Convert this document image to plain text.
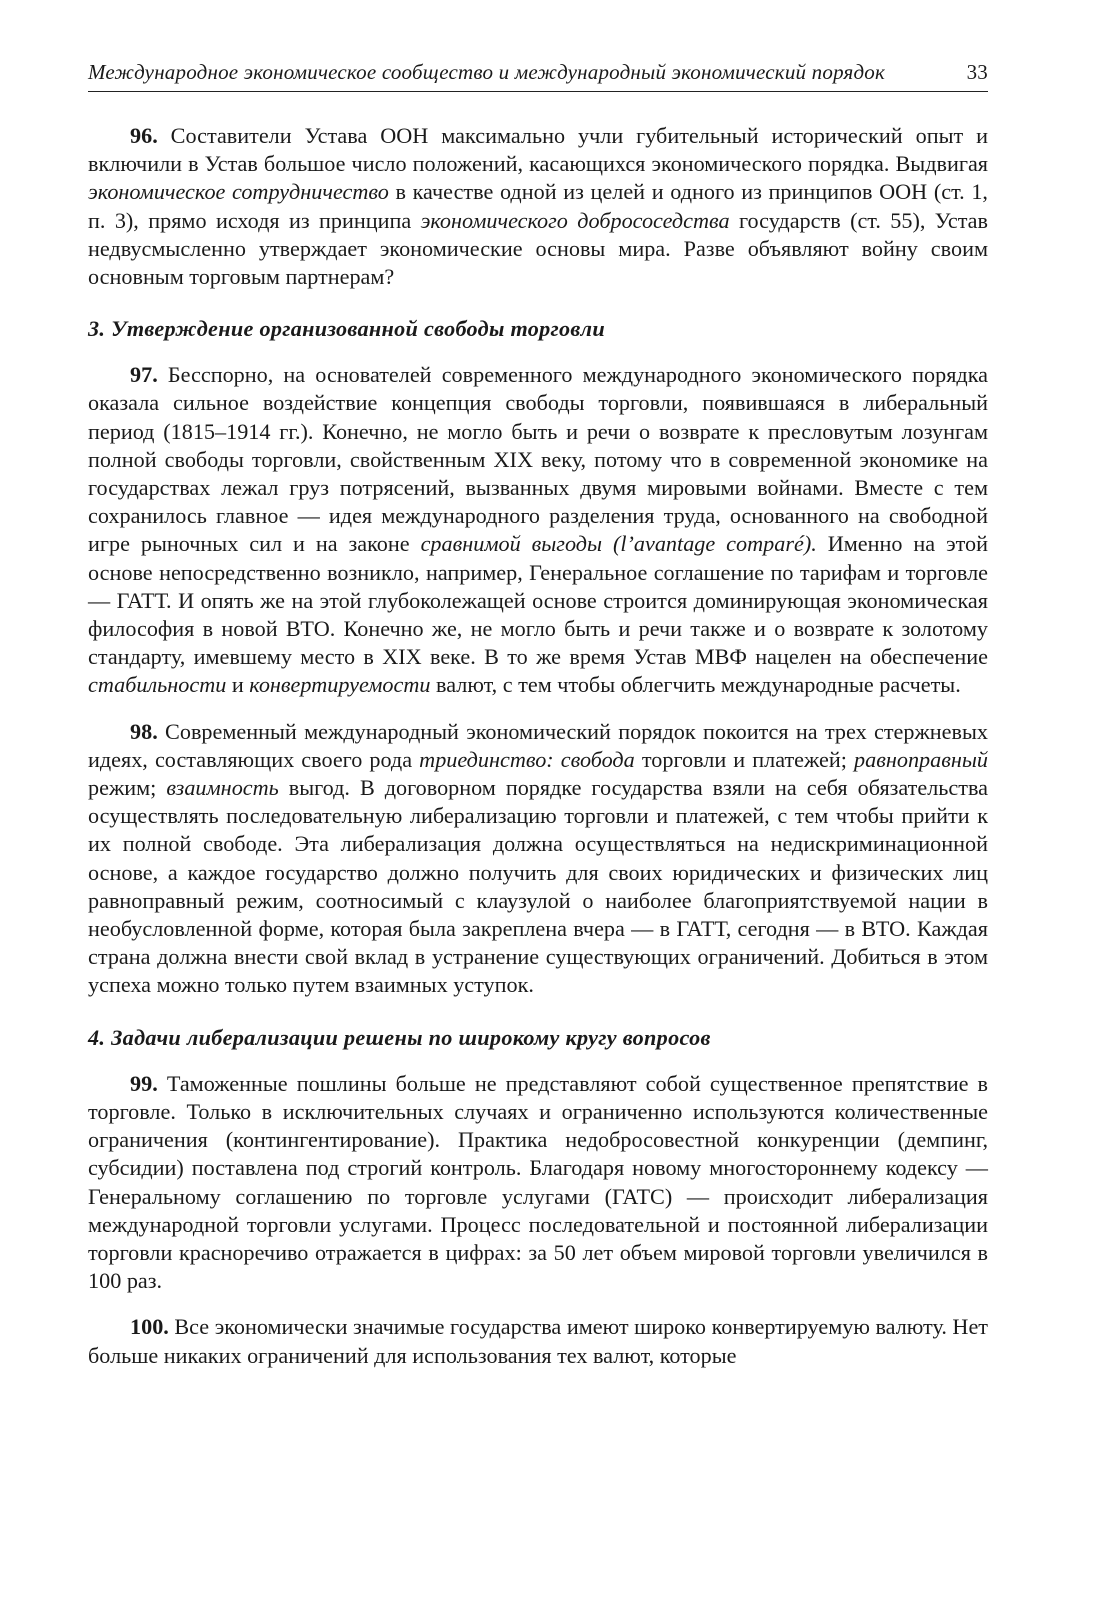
Международное экономическое сообщество и международный экономический порядок	33

96. Составители Устава ООН максимально учли губительный исторический опыт и включили в Устав большое число положений, касающихся экономического порядка. Выдвигая экономическое сотрудничество в качестве одной из целей и одного из принципов ООН (ст. 1, п. 3), прямо исходя из принципа экономического добрососедства государств (ст. 55), Устав недвусмысленно утверждает экономические основы мира. Разве объявляют войну своим основным торговым партнерам?

3. Утверждение организованной свободы торговли

97. Бесспорно, на основателей современного международного экономического порядка оказала сильное воздействие концепция свободы торговли, появившаяся в либеральный период (1815–1914 гг.). Конечно, не могло быть и речи о возврате к пресловутым лозунгам полной свободы торговли, свойственным XIX веку, потому что в современной экономике на государствах лежал груз потрясений, вызванных двумя мировыми войнами. Вместе с тем сохранилось главное — идея международного разделения труда, основанного на свободной игре рыночных сил и на законе сравнимой выгоды (l’avantage comparé). Именно на этой основе непосредственно возникло, например, Генеральное соглашение по тарифам и торговле — ГАТТ. И опять же на этой глубоколежащей основе строится доминирующая экономическая философия в новой ВТО. Конечно же, не могло быть и речи также и о возврате к золотому стандарту, имевшему место в XIX веке. В то же время Устав МВФ нацелен на обеспечение стабильности и конвертируемости валют, с тем чтобы облегчить международные расчеты.

98. Современный международный экономический порядок покоится на трех стержневых идеях, составляющих своего рода триединство: свобода торговли и платежей; равноправный режим; взаимность выгод. В договорном порядке государства взяли на себя обязательства осуществлять последовательную либерализацию торговли и платежей, с тем чтобы прийти к их полной свободе. Эта либерализация должна осуществляться на недискриминационной основе, а каждое государство должно получить для своих юридических и физических лиц равноправный режим, соотносимый с клаузулой о наиболее благоприятствуемой нации в необусловленной форме, которая была закреплена вчера — в ГАТТ, сегодня — в ВТО. Каждая страна должна внести свой вклад в устранение существующих ограничений. Добиться в этом успеха можно только путем взаимных уступок.

4. Задачи либерализации решены по широкому кругу вопросов

99. Таможенные пошлины больше не представляют собой существенное препятствие в торговле. Только в исключительных случаях и ограниченно используются количественные ограничения (контингентирование). Практика недобросовестной конкуренции (демпинг, субсидии) поставлена под строгий контроль. Благодаря новому многостороннему кодексу — Генеральному соглашению по торговле услугами (ГАТС) — происходит либерализация международной торговли услугами. Процесс последовательной и постоянной либерализации торговли красноречиво отражается в цифрах: за 50 лет объем мировой торговли увеличился в 100 раз.

100. Все экономически значимые государства имеют широко конвертируемую валюту. Нет больше никаких ограничений для использования тех валют, которые
